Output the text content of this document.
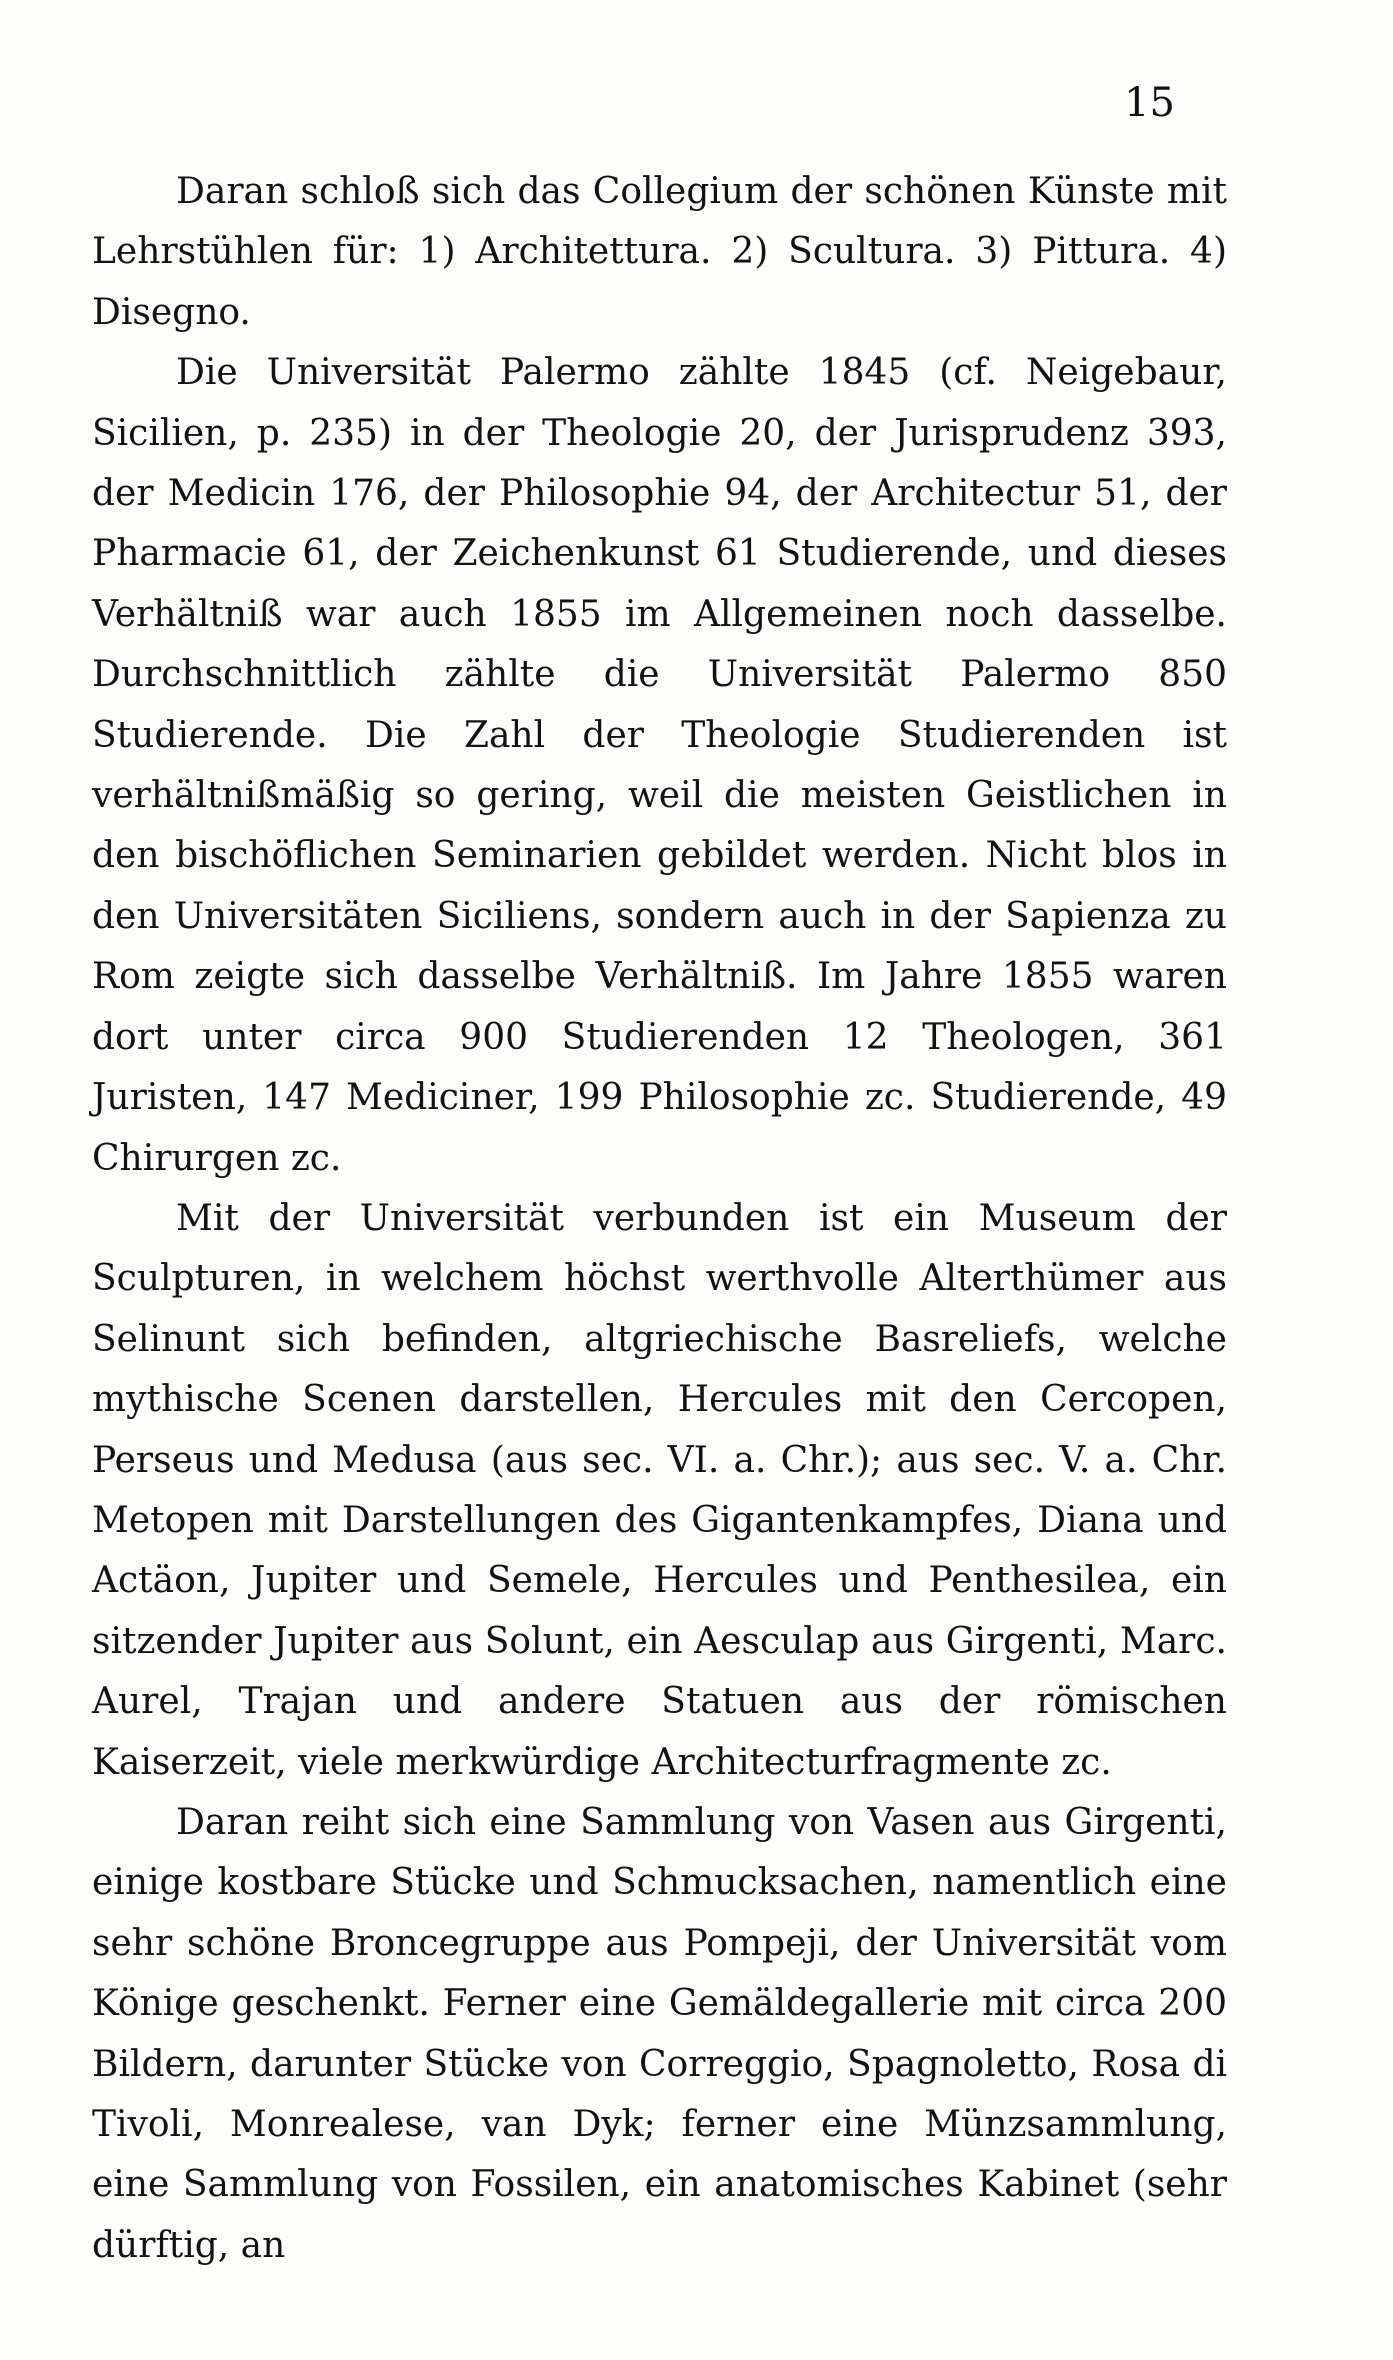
15

Daran schloß sich das Collegium der schönen Künste mit Lehrstühlen für: 1) Architettura. 2) Scultura. 3) Pittura. 4) Disegno.

Die Universität Palermo zählte 1845 (cf. Neigebaur, Sicilien, p. 235) in der Theologie 20, der Jurisprudenz 393, der Medicin 176, der Philosophie 94, der Architectur 51, der Pharmacie 61, der Zeichenkunst 61 Studierende, und dieses Verhältniß war auch 1855 im Allgemeinen noch dasselbe. Durchschnittlich zählte die Universität Palermo 850 Studierende. Die Zahl der Theologie Studierenden ist verhältnißmäßig so gering, weil die meisten Geistlichen in den bischöflichen Seminarien gebildet werden. Nicht blos in den Universitäten Siciliens, sondern auch in der Sapienza zu Rom zeigte sich dasselbe Verhältniß. Im Jahre 1855 waren dort unter circa 900 Studierenden 12 Theologen, 361 Juristen, 147 Mediciner, 199 Philosophie zc. Studierende, 49 Chirurgen zc.

Mit der Universität verbunden ist ein Museum der Sculpturen, in welchem höchst werthvolle Alterthümer aus Selinunt sich befinden, altgriechische Basreliefs, welche mythische Scenen darstellen, Hercules mit den Cercopen, Perseus und Medusa (aus sec. VI. a. Chr.); aus sec. V. a. Chr. Metopen mit Darstellungen des Gigantenkampfes, Diana und Actäon, Jupiter und Semele, Hercules und Penthesilea, ein sitzender Jupiter aus Solunt, ein Aesculap aus Girgenti, Marc. Aurel, Trajan und andere Statuen aus der römischen Kaiserzeit, viele merkwürdige Architecturfragmente zc.

Daran reiht sich eine Sammlung von Vasen aus Girgenti, einige kostbare Stücke und Schmucksachen, namentlich eine sehr schöne Broncegruppe aus Pompeji, der Universität vom Könige geschenkt. Ferner eine Gemäldegallerie mit circa 200 Bildern, darunter Stücke von Correggio, Spagnoletto, Rosa di Tivoli, Monrealese, van Dyk; ferner eine Münzsammlung, eine Sammlung von Fossilen, ein anatomisches Kabinet (sehr dürftig, an
